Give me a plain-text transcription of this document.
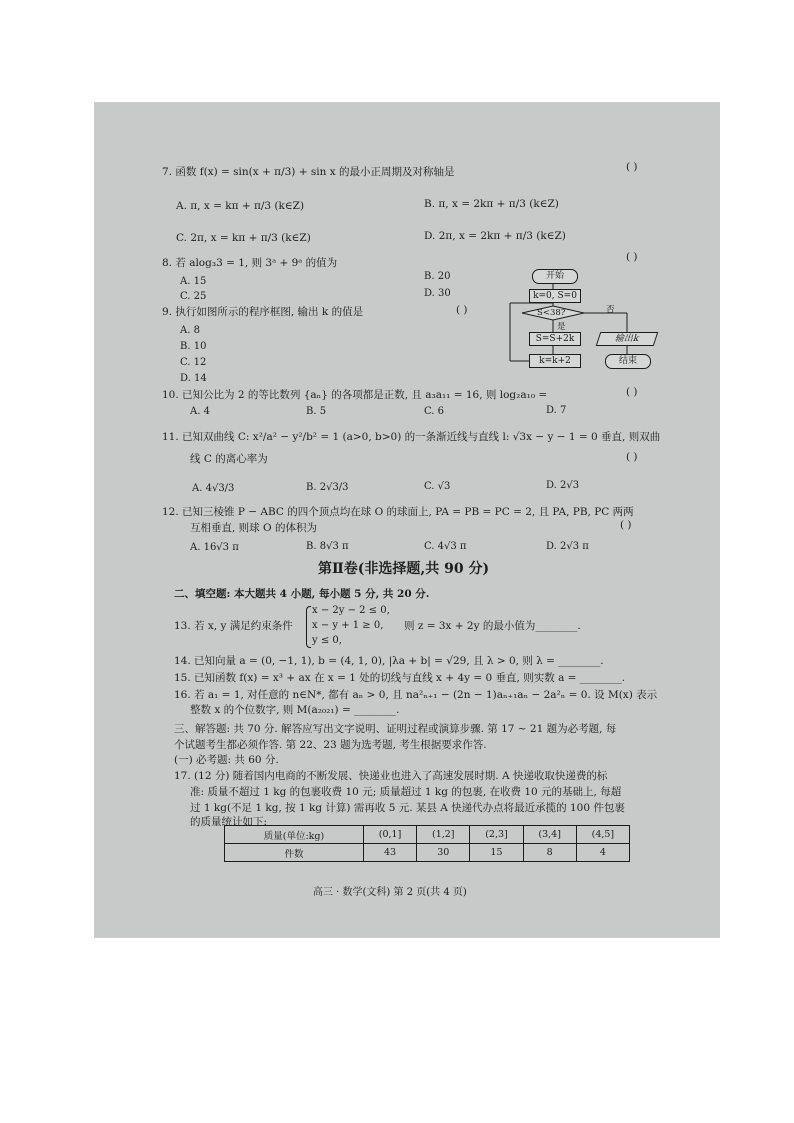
7. 函数 f(x) = sin(x + π/3) + sin x 的最小正周期及对称轴是	( )
A. π, x = kπ + π/3 (k∈Z)	B. π, x = 2kπ + π/3 (k∈Z)
C. 2π, x = kπ + π/3 (k∈Z)	D. 2π, x = 2kπ + π/3 (k∈Z)
8. 若 alog₃3 = 1, 则 3ᵃ + 9ᵃ 的值为	( )
A. 15	B. 20
C. 25	D. 30
9. 执行如图所示的程序框图, 输出 k 的值是	( )
A. 8
B. 10
C. 12
D. 14
开始
k=0, S=0
S<38?	否
是
S=S+2k	输出k
k=k+2	结束
10. 已知公比为 2 的等比数列 {aₙ} 的各项都是正数, 且 a₃a₁₁ = 16, 则 log₂a₁₀ =	( )
A. 4	B. 5	C. 6	D. 7
11. 已知双曲线 C: x²/a² − y²/b² = 1 (a>0, b>0) 的一条渐近线与直线 l: √3x − y − 1 = 0 垂直, 则双曲
线 C 的离心率为	( )
A. 4√3/3	B. 2√3/3	C. √3	D. 2√3
12. 已知三棱锥 P − ABC 的四个顶点均在球 O 的球面上, PA = PB = PC = 2, 且 PA, PB, PC 两两
互相垂直, 则球 O 的体积为	( )
A. 16√3 π	B. 8√3 π	C. 4√3 π	D. 2√3 π
第Ⅱ卷(非选择题,共 90 分)
二、填空题: 本大题共 4 小题, 每小题 5 分, 共 20 分.
13. 若 x, y 满足约束条件
x − 2y − 2 ≤ 0,
x − y + 1 ≥ 0,
y ≤ 0,
则 z = 3x + 2y 的最小值为________.
14. 已知向量 a = (0, −1, 1), b = (4, 1, 0), |λa + b| = √29, 且 λ > 0, 则 λ = ________.
15. 已知函数 f(x) = x³ + ax 在 x = 1 处的切线与直线 x + 4y = 0 垂直, 则实数 a = ________.
16. 若 a₁ = 1, 对任意的 n∈N*, 都有 aₙ > 0, 且 na²ₙ₊₁ − (2n − 1)aₙ₊₁aₙ − 2a²ₙ = 0. 设 M(x) 表示
整数 x 的个位数字, 则 M(a₂₀₂₁) = ________.
三、解答题: 共 70 分. 解答应写出文字说明、证明过程或演算步骤. 第 17 ~ 21 题为必考题, 每
个试题考生都必须作答. 第 22、23 题为选考题, 考生根据要求作答.
(一) 必考题: 共 60 分.
17. (12 分) 随着国内电商的不断发展、快递业也进入了高速发展时期. A 快递收取快递费的标
准: 质量不超过 1 kg 的包裹收费 10 元; 质量超过 1 kg 的包裹, 在收费 10 元的基础上, 每超
过 1 kg(不足 1 kg, 按 1 kg 计算) 需再收 5 元. 某县 A 快递代办点将最近承揽的 100 件包裹
的质量统计如下:
质量(单位:kg)	(0,1]	(1,2]	(2,3]	(3,4]	(4,5]
件数	43	30	15	8	4
高三 · 数学(文科) 第 2 页(共 4 页)
